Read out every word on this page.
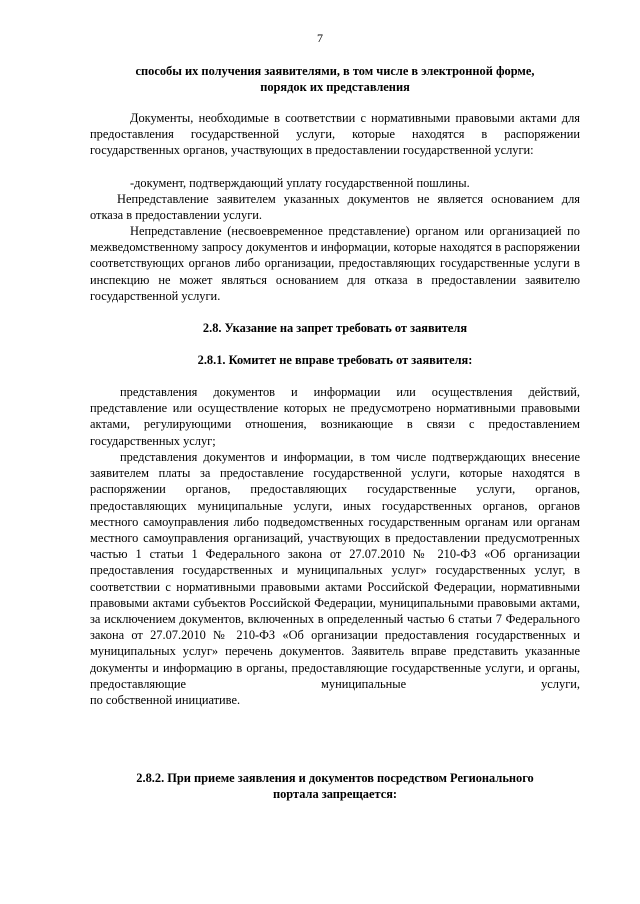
7
способы их получения заявителями, в том числе в электронной форме,
порядок их представления
Документы, необходимые в соответствии с нормативными правовыми актами для предоставления государственной услуги, которые находятся в распоряжении государственных органов, участвующих в предоставлении государственной услуги:
-документ, подтверждающий уплату государственной пошлины.
Непредставление заявителем указанных документов не является основанием для отказа в предоставлении услуги.
Непредставление (несвоевременное представление) органом или организацией по межведомственному запросу документов и информации, которые находятся в распоряжении соответствующих органов либо организации, предоставляющих государственные услуги в инспекцию не может являться основанием для отказа в предоставлении заявителю государственной услуги.
2.8. Указание на запрет требовать от заявителя
2.8.1. Комитет не вправе требовать от заявителя:
представления документов и информации или осуществления действий, представление или осуществление которых не предусмотрено нормативными правовыми актами, регулирующими отношения, возникающие в связи с предоставлением государственных услуг;
представления документов и информации, в том числе подтверждающих внесение заявителем платы за предоставление государственной услуги, которые находятся в распоряжении органов, предоставляющих государственные услуги, органов, предоставляющих муниципальные услуги, иных государственных органов, органов местного самоуправления либо подведомственных государственным органам или органам местного самоуправления организаций, участвующих в предоставлении предусмотренных частью 1 статьи 1 Федерального закона от 27.07.2010 № 210-ФЗ «Об организации предоставления государственных и муниципальных услуг» государственных услуг, в соответствии с нормативными правовыми актами Российской Федерации, нормативными правовыми актами субъектов Российской Федерации, муниципальными правовыми актами, за исключением документов, включенных в определенный частью 6 статьи 7 Федерального закона от 27.07.2010 № 210-ФЗ «Об организации предоставления государственных и муниципальных услуг» перечень документов. Заявитель вправе представить указанные документы и информацию в органы, предоставляющие государственные услуги, и органы, предоставляющие муниципальные услуги,
по собственной инициативе.
2.8.2. При приеме заявления и документов посредством Регионального
портала запрещается:
